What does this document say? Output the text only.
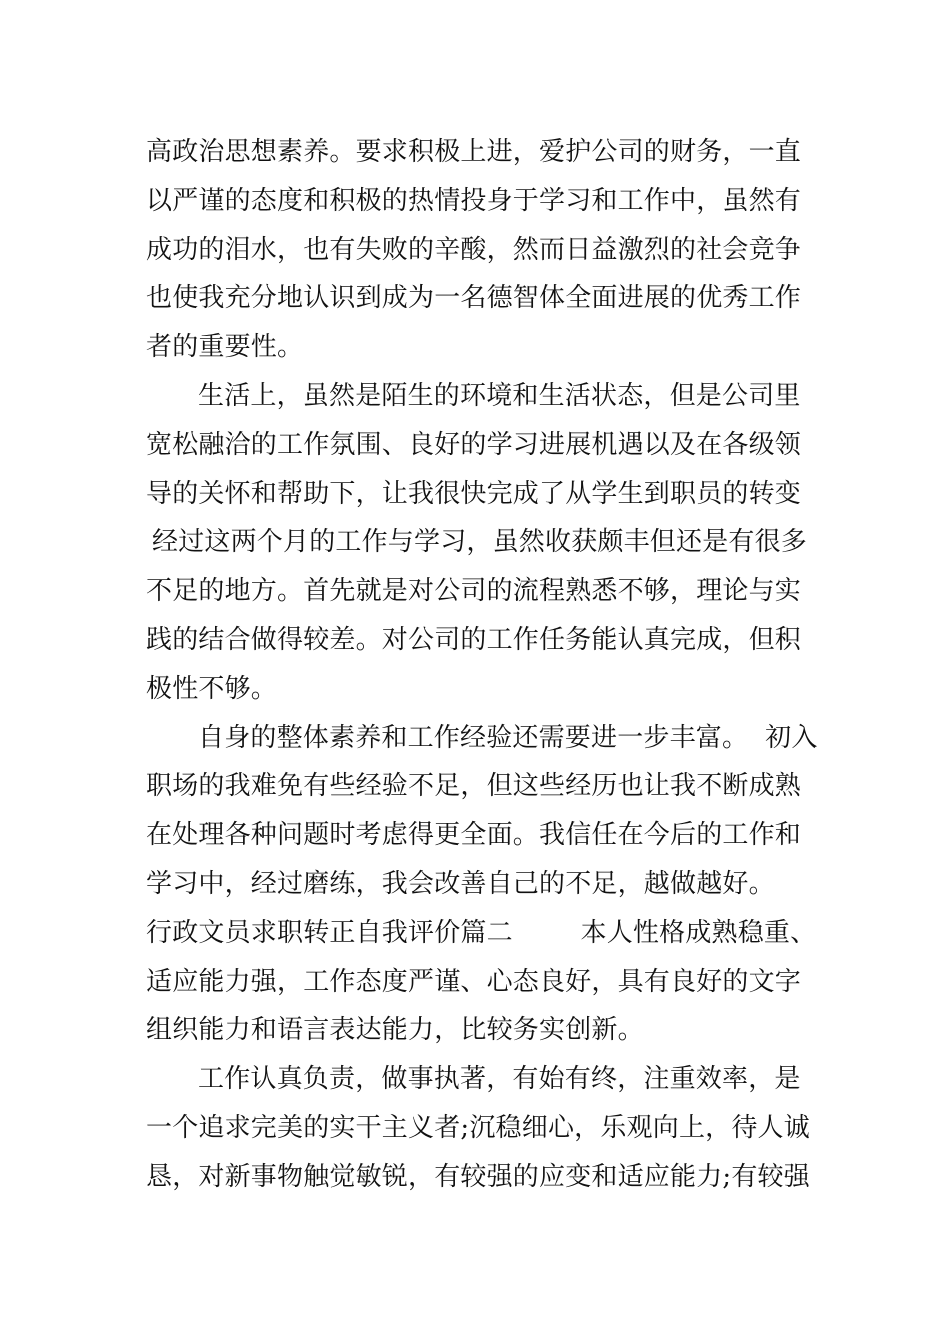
高政治思想素养。要求积极上进，爱护公司的财务，一直
以严谨的态度和积极的热情投身于学习和工作中，虽然有
成功的泪水，也有失败的辛酸，然而日益激烈的社会竞争
也使我充分地认识到成为一名德智体全面进展的优秀工作
者的重要性。
生活上，虽然是陌生的环境和生活状态，但是公司里
宽松融洽的工作氛围、良好的学习进展机遇以及在各级领
导的关怀和帮助下，让我很快完成了从学生到职员的转变
经过这两个月的工作与学习，虽然收获颇丰但还是有很多
不足的地方。首先就是对公司的流程熟悉不够，理论与实
践的结合做得较差。对公司的工作任务能认真完成，但积
极性不够。
自身的整体素养和工作经验还需要进一步丰富。  初入
职场的我难免有些经验不足，但这些经历也让我不断成熟
在处理各种问题时考虑得更全面。我信任在今后的工作和
学习中，经过磨练，我会改善自己的不足，越做越好。
行政文员求职转正自我评价篇二        本人性格成熟稳重、
适应能力强，工作态度严谨、心态良好，具有良好的文字
组织能力和语言表达能力，比较务实创新。
工作认真负责，做事执著，有始有终，注重效率，是
一个追求完美的实干主义者;沉稳细心，乐观向上，待人诚
恳，对新事物触觉敏锐，有较强的应变和适应能力;有较强
